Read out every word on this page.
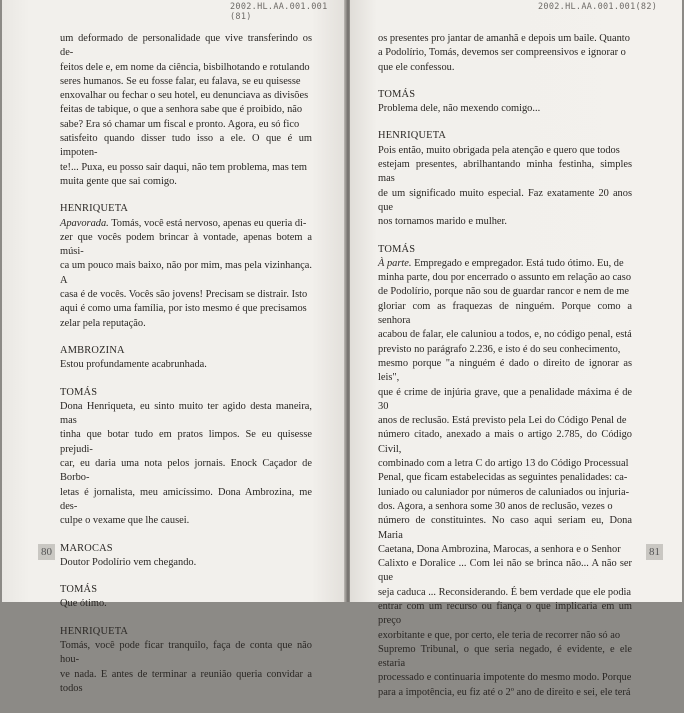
2002.HL.AA.001.001 (81)

um deformado de personalidade que vive transferindo os de-

feitos dele e, em nome da ciência, bisbilhotando e rotulando

seres humanos. Se eu fosse falar, eu falava, se eu quisesse

enxovalhar ou fechar o seu hotel, eu denunciava as divisões

feitas de tabique, o que a senhora sabe que é proibido, não

sabe? Era só chamar um fiscal e pronto. Agora, eu só fico

satisfeito quando disser tudo isso a ele. O que é um impoten-

te!... Puxa, eu posso sair daqui, não tem problema, mas tem

muita gente que sai comigo.

HENRIQUETA

Apavorada. Tomás, você está nervoso, apenas eu queria di-

zer que vocês podem brincar à vontade, apenas botem a músi-

ca um pouco mais baixo, não por mim, mas pela vizinhança. A

casa é de vocês. Vocês são jovens! Precisam se distrair. Isto

aqui é como uma família, por isto mesmo é que precisamos

zelar pela reputação.

AMBROZINA

Estou profundamente acabrunhada.

TOMÁS

Dona Henriqueta, eu sinto muito ter agido desta maneira, mas

tinha que botar tudo em pratos limpos. Se eu quisesse prejudi-

car, eu daria uma nota pelos jornais. Enock Caçador de Borbo-

letas é jornalista, meu amicíssimo. Dona Ambrozina, me des-

culpe o vexame que lhe causei.

MAROCAS

Doutor Podolírio vem chegando.

TOMÁS

Que ótimo.

HENRIQUETA

Tomás, você pode ficar tranquilo, faça de conta que não hou-

ve nada. E antes de terminar a reunião queria convidar a todos

80
2002.HL.AA.001.001(82)

os presentes pro jantar de amanhã e depois um baile. Quanto

a Podolírio, Tomás, devemos ser compreensivos e ignorar o

que ele confessou.

TOMÁS

Problema dele, não mexendo comigo...

HENRIQUETA

Pois então, muito obrigada pela atenção e quero que todos

estejam presentes, abrilhantando minha festinha, simples mas

de um significado muito especial. Faz exatamente 20 anos que

nos tornamos marido e mulher.

TOMÁS

À parte. Empregado e empregador. Está tudo ótimo. Eu, de

minha parte, dou por encerrado o assunto em relação ao caso

de Podolírio, porque não sou de guardar rancor e nem de me

gloriar com as fraquezas de ninguém. Porque como a senhora

acabou de falar, ele caluniou a todos, e, no código penal, está

previsto no parágrafo 2.236, e isto é do seu conhecimento,

mesmo porque "a ninguém é dado o direito de ignorar as leis",

que é crime de injúria grave, que a penalidade máxima é de 30

anos de reclusão. Está previsto pela Lei do Código Penal de

número citado, anexado a mais o artigo 2.785, do Código Civil,

combinado com a letra C do artigo 13 do Código Processual

Penal, que ficam estabelecidas as seguintes penalidades: ca-

luniado ou caluniador por números de caluniados ou injuria-

dos. Agora, a senhora some 30 anos de reclusão, vezes o

número de constituintes. No caso aqui seriam eu, Dona Maria

Caetana, Dona Ambrozina, Marocas, a senhora e o Senhor

Calixto e Doralice ... Com lei não se brinca não... A não ser que

seja caduca ... Reconsiderando. É bem verdade que ele podia

entrar com um recurso ou fiança o que implicaria em um preço

exorbitante e que, por certo, ele teria de recorrer não só ao

Supremo Tribunal, o que seria negado, é evidente, e ele estaria

processado e continuaria impotente do mesmo modo. Porque

para a impotência, eu fiz até o 2º ano de direito e sei, ele terá

81
